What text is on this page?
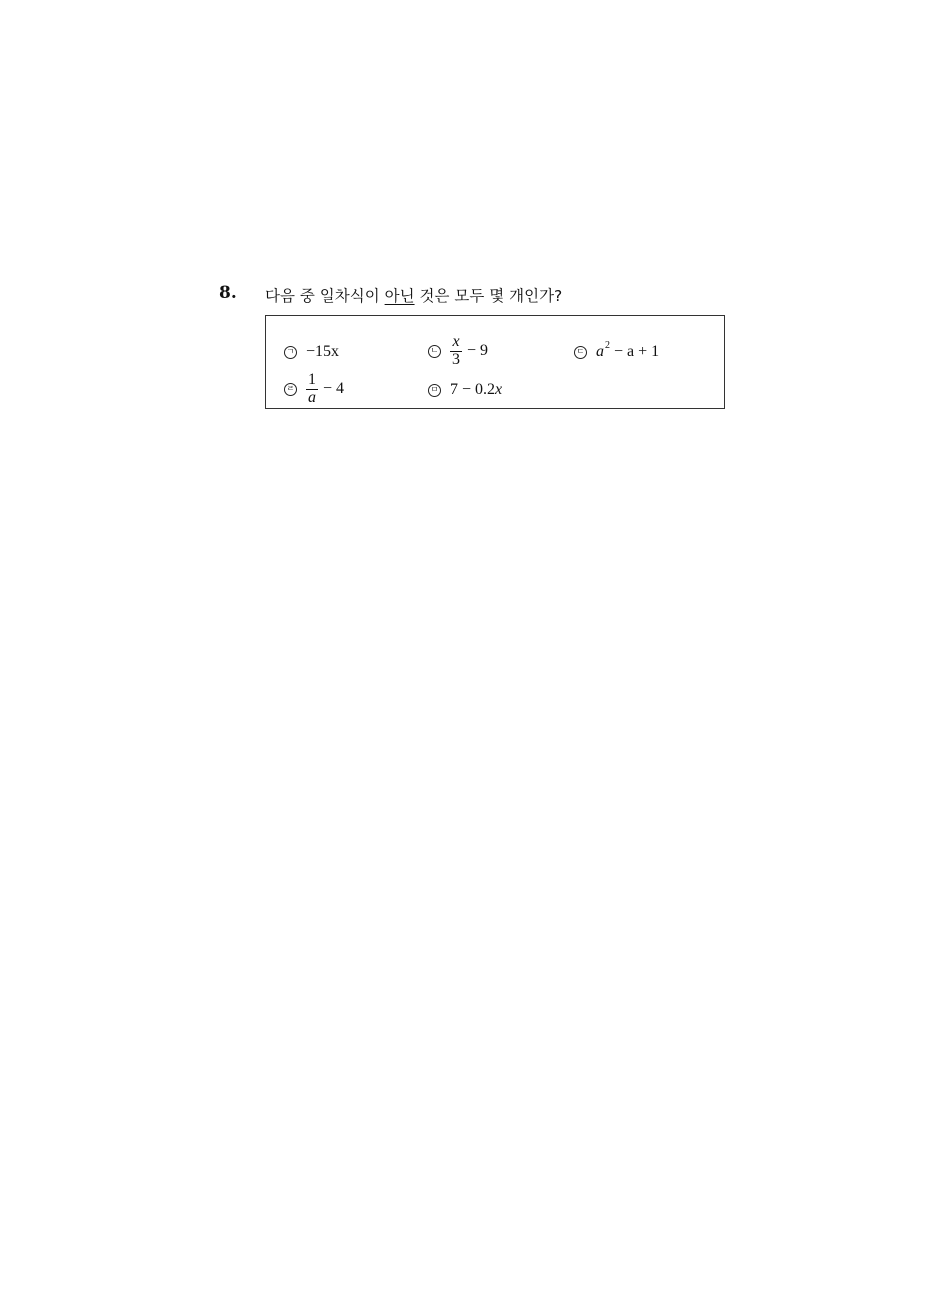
8. 다음 중 일차식이 아닌 것은 모두 몇 개인가?
ㄱ −15x	ㄴ $\frac{x}{3} - 9$	ㄷ a 2
− a + 1
ㄹ $\frac{1}{a} - 4$	ㅁ 7 − 0.2 x
